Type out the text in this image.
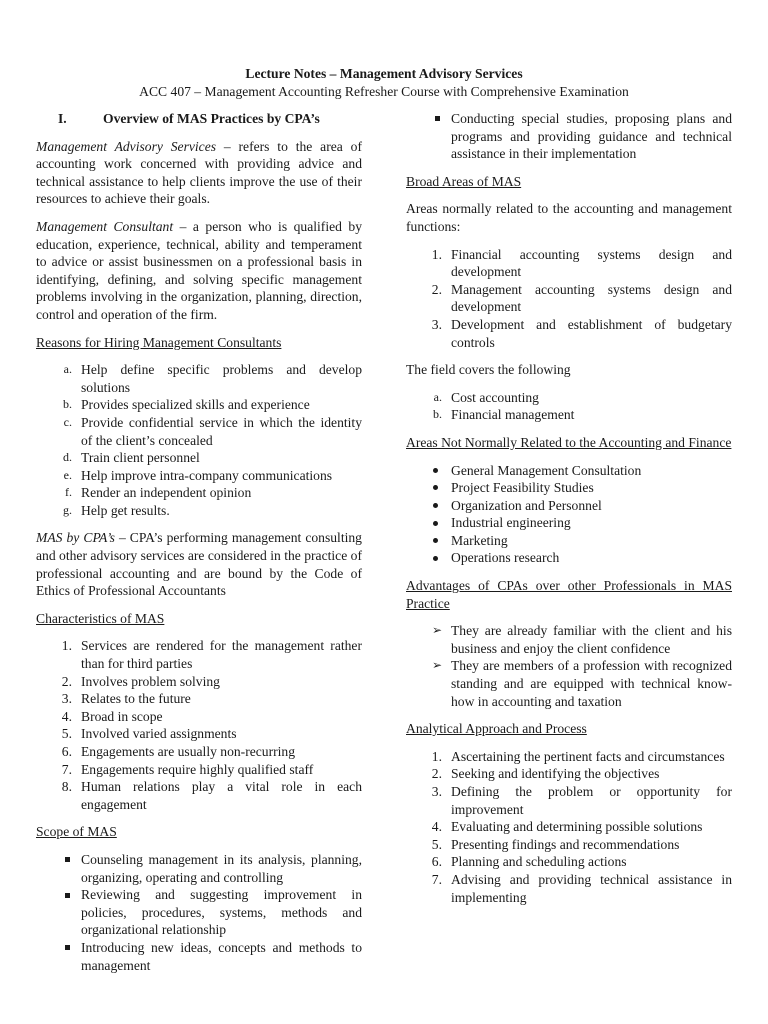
Lecture Notes – Management Advisory Services
ACC 407 – Management Accounting Refresher Course with Comprehensive Examination
I.	Overview of MAS Practices by CPA’s
Management Advisory Services – refers to the area of accounting work concerned with providing advice and technical assistance to help clients improve the use of their resources to achieve their goals.
Management Consultant – a person who is qualified by education, experience, technical, ability and temperament to advice or assist businessmen on a professional basis in identifying, defining, and solving specific management problems involving in the organization, planning, direction, control and operation of the firm.
Reasons for Hiring Management Consultants
a. Help define specific problems and develop solutions
b. Provides specialized skills and experience
c. Provide confidential service in which the identity of the client’s concealed
d. Train client personnel
e. Help improve intra-company communications
f. Render an independent opinion
g. Help get results.
MAS by CPA’s – CPA’s performing management consulting and other advisory services are considered in the practice of professional accounting and are bound by the Code of Ethics of Professional Accountants
Characteristics of MAS
1. Services are rendered for the management rather than for third parties
2. Involves problem solving
3. Relates to the future
4. Broad in scope
5. Involved varied assignments
6. Engagements are usually non-recurring
7. Engagements require highly qualified staff
8. Human relations play a vital role in each engagement
Scope of MAS
Counseling management in its analysis, planning, organizing, operating and controlling
Reviewing and suggesting improvement in policies, procedures, systems, methods and organizational relationship
Introducing new ideas, concepts and methods to management
Conducting special studies, proposing plans and programs and providing guidance and technical assistance in their implementation
Broad Areas of MAS

Areas normally related to the accounting and management functions:

1. Financial accounting systems design and development
2. Management accounting systems design and development
3. Development and establishment of budgetary controls

The field covers the following

a. Cost accounting
b. Financial management
Areas Not Normally Related to the Accounting and Finance
General Management Consultation
Project Feasibility Studies
Organization and Personnel
Industrial engineering
Marketing
Operations research
Advantages of CPAs over other Professionals in MAS Practice
➢ They are already familiar with the client and his business and enjoy the client confidence
➢ They are members of a profession with recognized standing and are equipped with technical know-how in accounting and taxation
Analytical Approach and Process
1. Ascertaining the pertinent facts and circumstances
2. Seeking and identifying the objectives
3. Defining the problem or opportunity for improvement
4. Evaluating and determining possible solutions
5. Presenting findings and recommendations
6. Planning and scheduling actions
7. Advising and providing technical assistance in implementing
